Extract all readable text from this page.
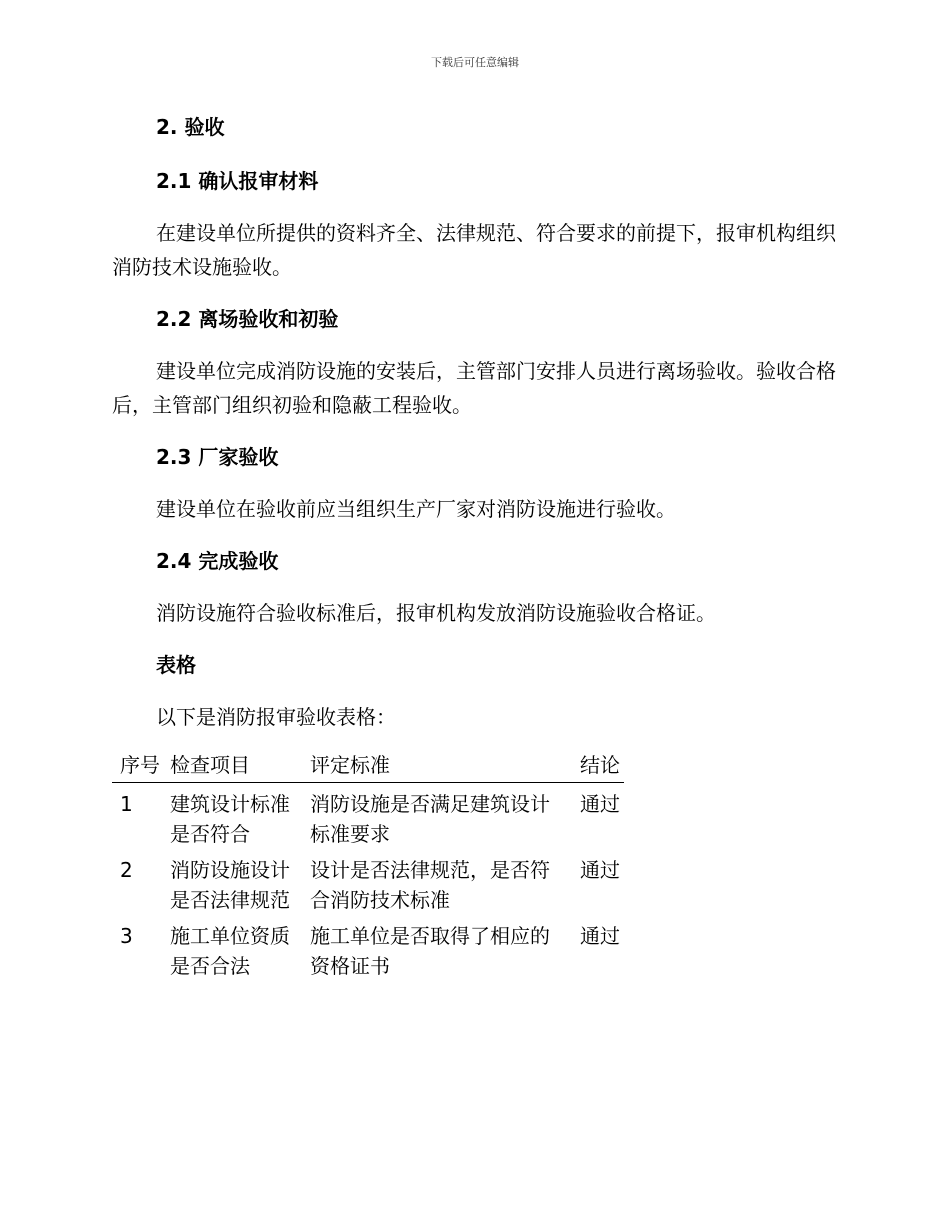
下载后可任意编辑

2. 验收

2.1 确认报审材料

在建设单位所提供的资料齐全、法律规范、符合要求的前提下，报审机构组织消防技术设施验收。

2.2 离场验收和初验

建设单位完成消防设施的安装后，主管部门安排人员进行离场验收。验收合格后，主管部门组织初验和隐蔽工程验收。

2.3 厂家验收

建设单位在验收前应当组织生产厂家对消防设施进行验收。

2.4 完成验收

消防设施符合验收标准后，报审机构发放消防设施验收合格证。

表格

以下是消防报审验收表格：

序号	检查项目	评定标准	结论
1	建筑设计标准是否符合	消防设施是否满足建筑设计标准要求	通过
2	消防设施设计是否法律规范	设计是否法律规范，是否符合消防技术标准	通过
3	施工单位资质是否合法	施工单位是否取得了相应的资格证书	通过
